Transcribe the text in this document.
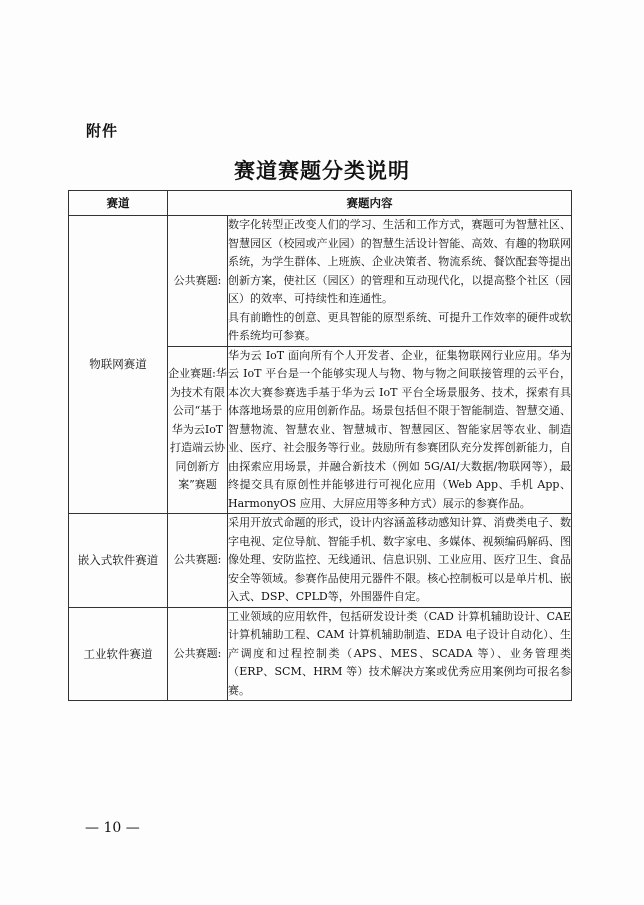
附件
赛道赛题分类说明
赛道	赛题内容	
物联网赛道	公共赛题:	数字化转型正改变人们的学习、生活和工作方式，赛题可为智慧社区、智慧园区（校园或产业园）的智慧生活设计智能、高效、有趣的物联网系统，为学生群体、上班族、企业决策者、物流系统、餐饮配套等提出创新方案，使社区（园区）的管理和互动现代化，以提高整个社区（园区）的效率、可持续性和连通性。

具有前瞻性的创意、更具智能的原型系统、可提升工作效率的硬件或软件系统均可参赛。

	企业赛题:华为技术有限公司“基于华为云IoT打造端云协同创新方案”赛题	华为云 IoT 面向所有个人开发者、企业，征集物联网行业应用。华为云 IoT 平台是一个能够实现人与物、物与物之间联接管理的云平台，本次大赛参赛选手基于华为云 IoT 平台全场景服务、技术，探索有具体落地场景的应用创新作品。场景包括但不限于智能制造、智慧交通、智慧物流、智慧农业、智慧城市、智慧园区、智能家居等农业、制造业、医疗、社会服务等行业。鼓励所有参赛团队充分发挥创新能力，自由探索应用场景，并融合新技术（例如 5G/AI/大数据/物联网等），最终提交具有原创性并能够进行可视化应用（Web App、手机 App、HarmonyOS 应用、大屏应用等多种方式）展示的参赛作品。

嵌入式软件赛道	公共赛题:	采用开放式命题的形式，设计内容涵盖移动感知计算、消费类电子、数字电视、定位导航、智能手机、数字家电、多媒体、视频编码解码、图像处理、安防监控、无线通讯、信息识别、工业应用、医疗卫生、食品安全等领域。参赛作品使用元器件不限。核心控制板可以是单片机、嵌入式、DSP、CPLD等，外围器件自定。

工业软件赛道	公共赛题:	工业领域的应用软件，包括研发设计类（CAD 计算机辅助设计、CAE 计算机辅助工程、CAM 计算机辅助制造、EDA 电子设计自动化）、生产调度和过程控制类（APS、MES、SCADA 等）、业务管理类（ERP、SCM、HRM 等）技术解决方案或优秀应用案例均可报名参赛。

— 10 —
